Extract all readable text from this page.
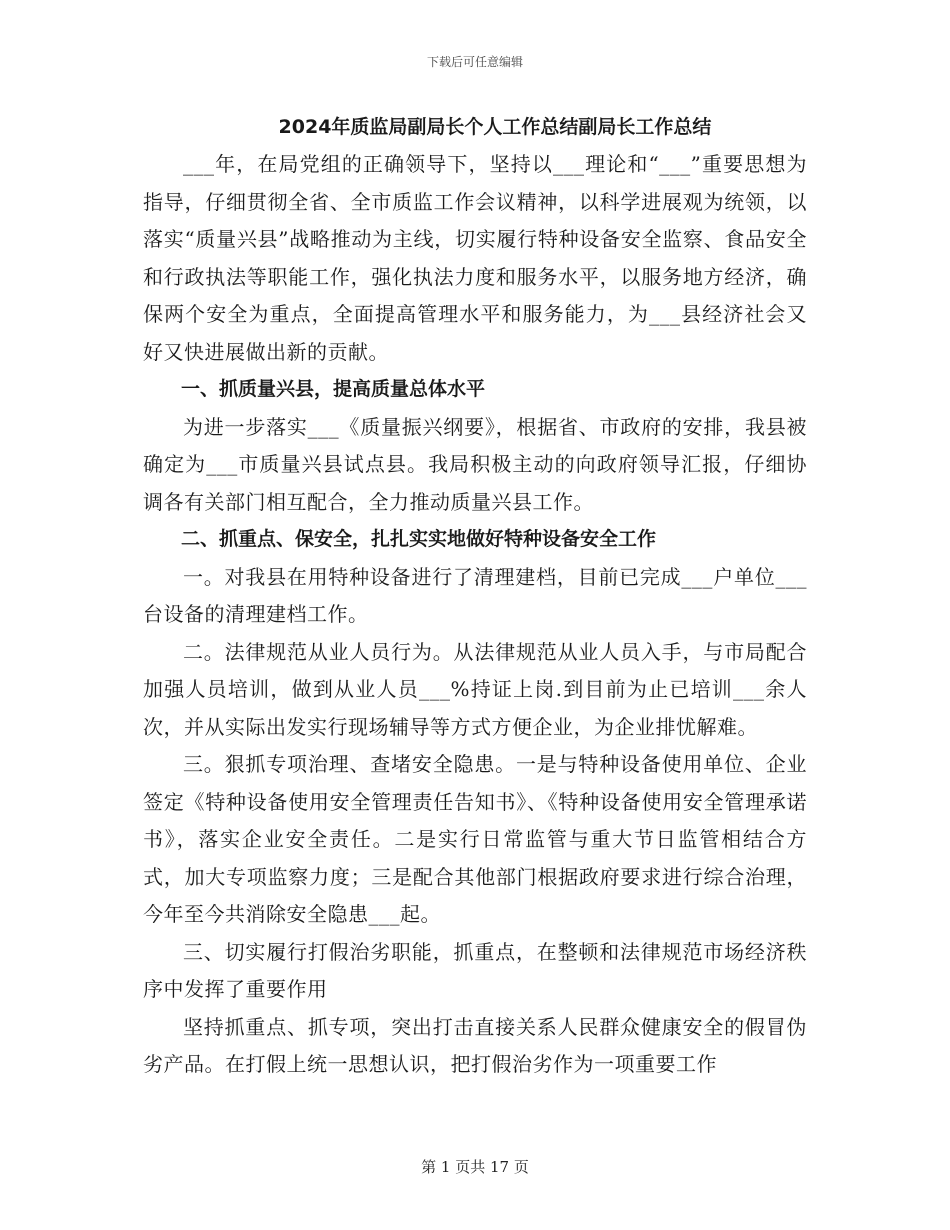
下载后可任意编辑
2024年质监局副局长个人工作总结副局长工作总结

___年，在局党组的正确领导下，坚持以___理论和“___”重要思想为指导，仔细贯彻全省、全市质监工作会议精神，以科学进展观为统领，以落实“质量兴县”战略推动为主线，切实履行特种设备安全监察、食品安全和行政执法等职能工作，强化执法力度和服务水平，以服务地方经济，确保两个安全为重点，全面提高管理水平和服务能力，为___县经济社会又好又快进展做出新的贡献。

一、抓质量兴县，提高质量总体水平

为进一步落实___《质量振兴纲要》，根据省、市政府的安排，我县被确定为___市质量兴县试点县。我局积极主动的向政府领导汇报，仔细协调各有关部门相互配合，全力推动质量兴县工作。

二、抓重点、保安全，扎扎实实地做好特种设备安全工作

一。对我县在用特种设备进行了清理建档，目前已完成___户单位___台设备的清理建档工作。

二。法律规范从业人员行为。从法律规范从业人员入手，与市局配合加强人员培训，做到从业人员___%持证上岗.到目前为止已培训___余人次，并从实际出发实行现场辅导等方式方便企业，为企业排忧解难。

三。狠抓专项治理、查堵安全隐患。一是与特种设备使用单位、企业签定《特种设备使用安全管理责任告知书》、《特种设备使用安全管理承诺书》，落实企业安全责任。二是实行日常监管与重大节日监管相结合方式，加大专项监察力度；三是配合其他部门根据政府要求进行综合治理，今年至今共消除安全隐患___起。

三、切实履行打假治劣职能，抓重点，在整顿和法律规范市场经济秩序中发挥了重要作用

坚持抓重点、抓专项，突出打击直接关系人民群众健康安全的假冒伪劣产品。在打假上统一思想认识，把打假治劣作为一项重要工作

第 1 页共 17 页
